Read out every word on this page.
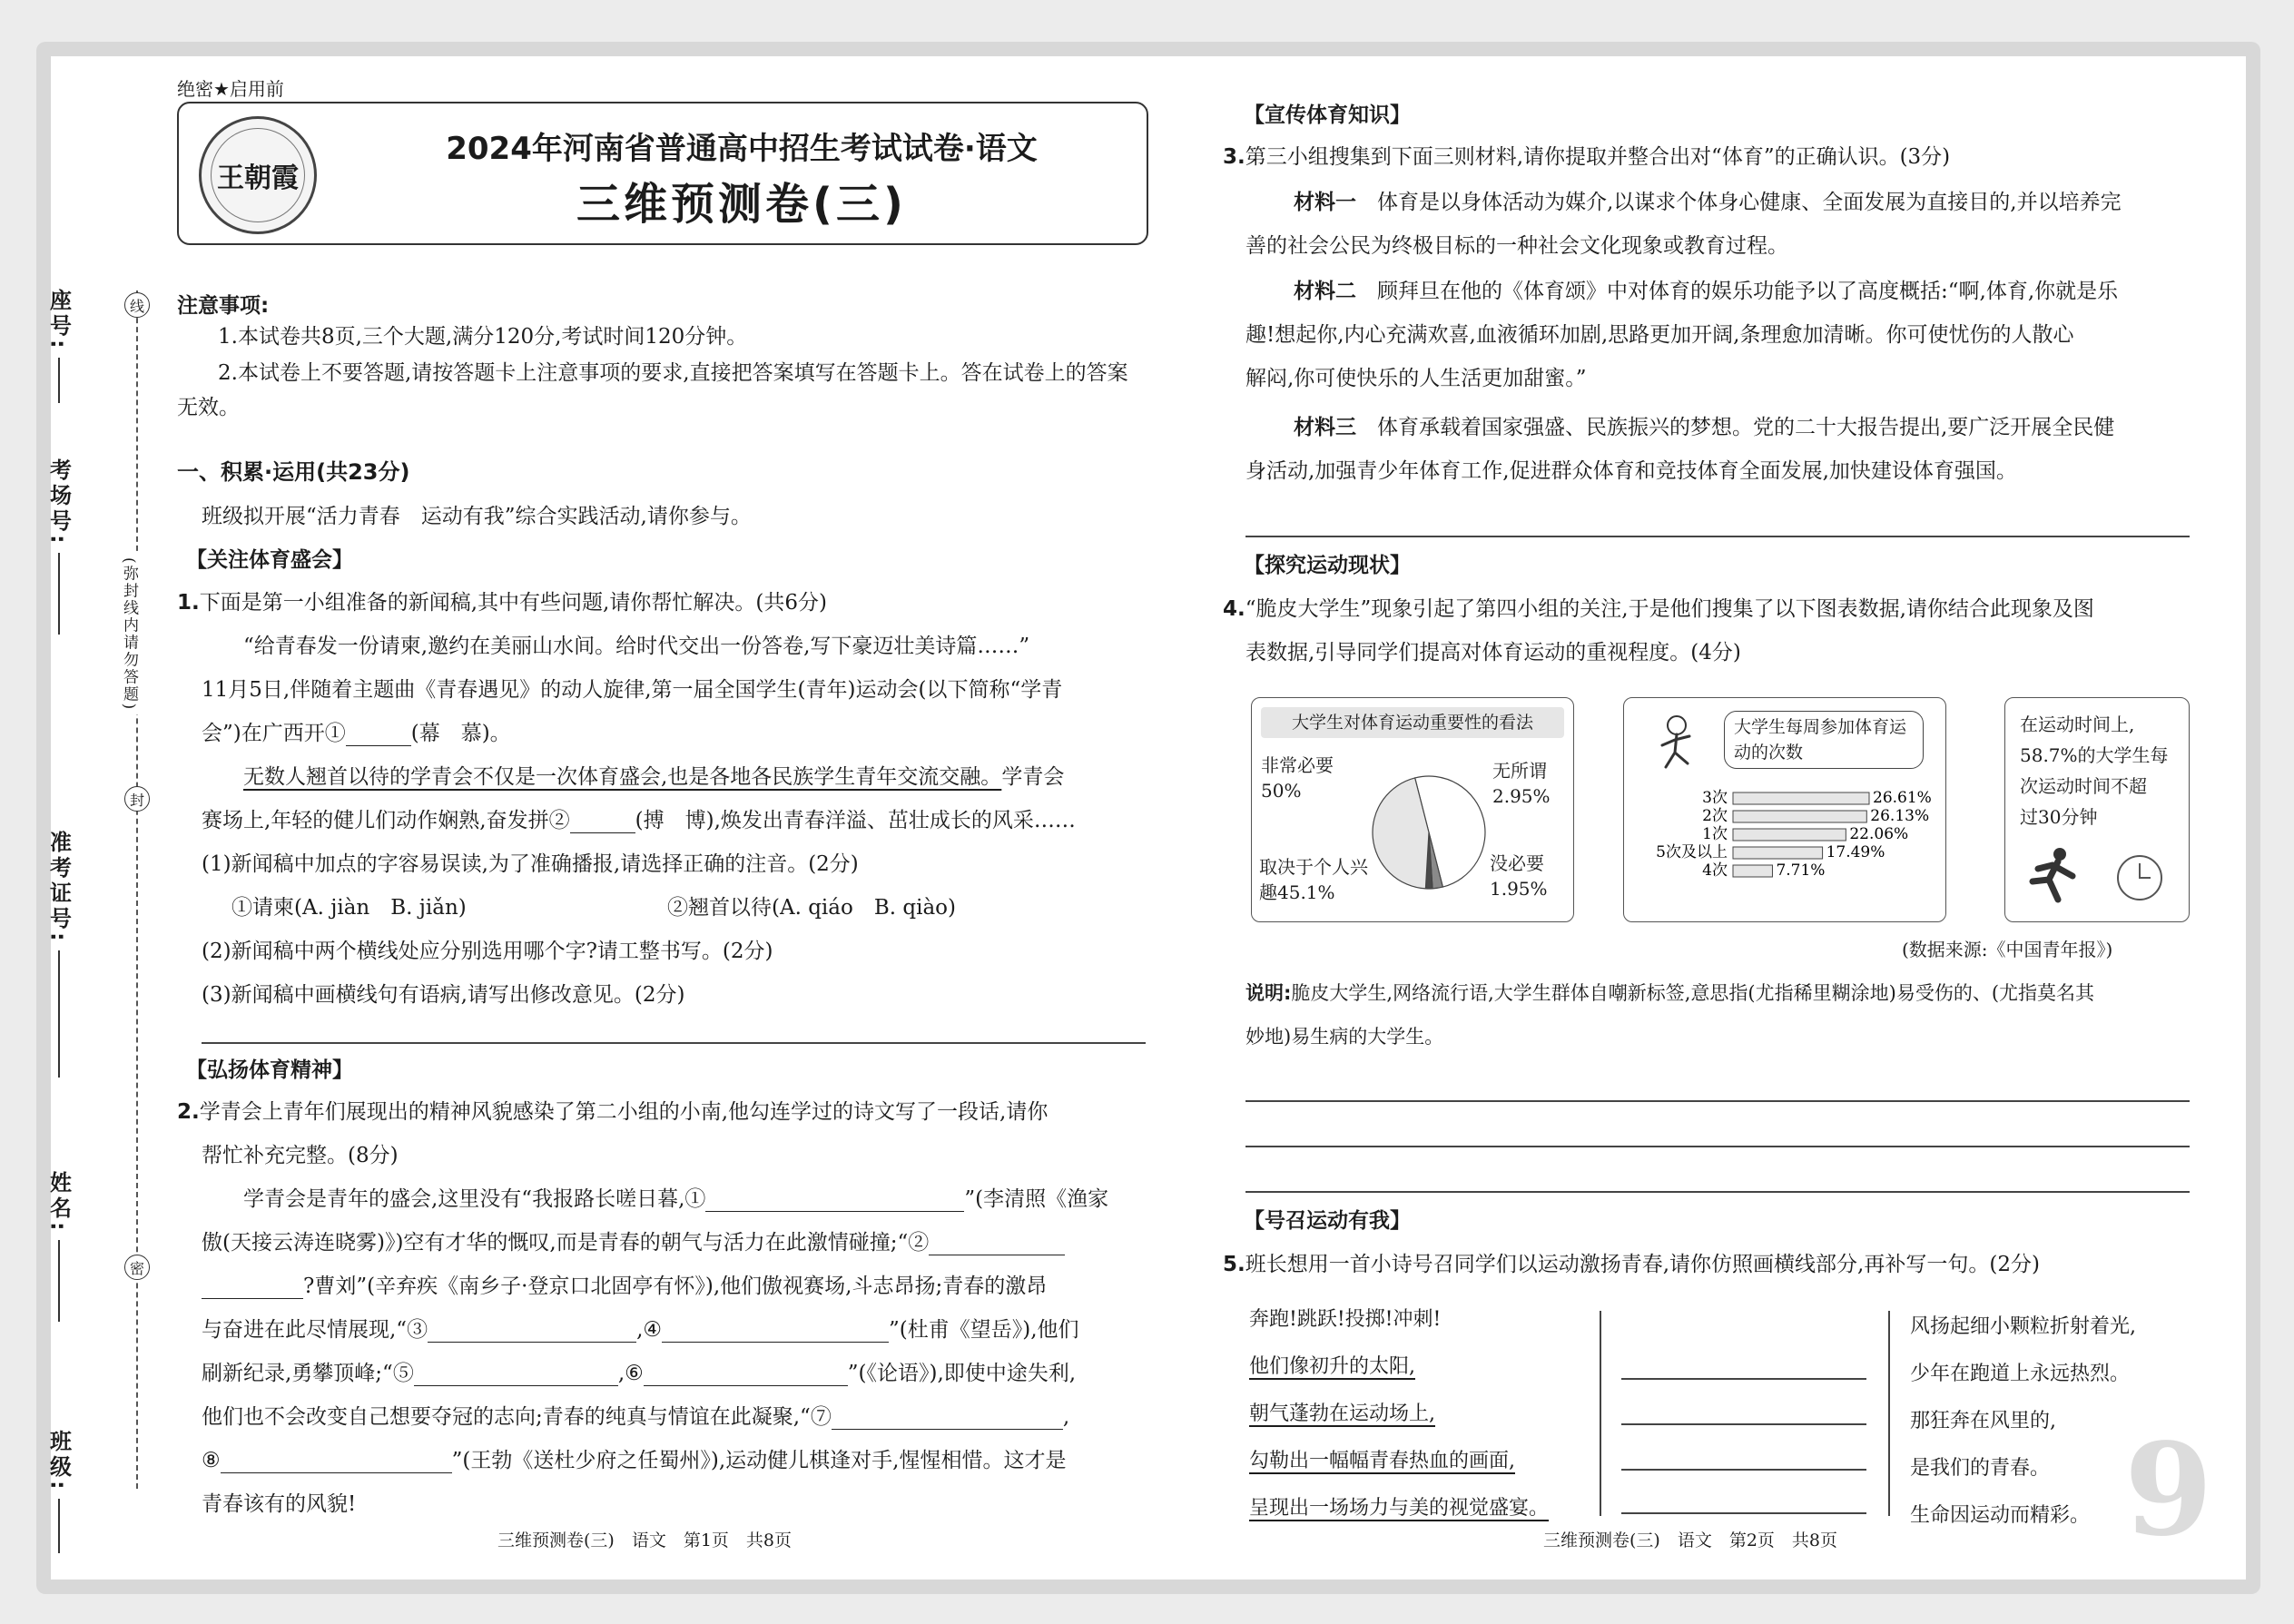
座号:
考场号:
准考证号:
姓名:
班级:
线
封
密
(弥封线内请勿答题)
绝密★启用前
王朝霞
2024年河南省普通高中招生考试试卷·语文
三维预测卷(三)
注意事项:
1.本试卷共8页,三个大题,满分120分,考试时间120分钟。
2.本试卷上不要答题,请按答题卡上注意事项的要求,直接把答案填写在答题卡上。答在试卷上的答案
无效。
一、积累·运用(共23分)
班级拟开展“活力青春　运动有我”综合实践活动,请你参与。
【关注体育盛会】
1.下面是第一小组准备的新闻稿,其中有些问题,请你帮忙解决。(共6分)
“给青春发一份请柬,邀约在美丽山水间。给时代交出一份答卷,写下豪迈壮美诗篇……”
11月5日,伴随着主题曲《青春遇见》的动人旋律,第一届全国学生(青年)运动会(以下简称“学青
会”)在广西开①	(幕　慕)。
无数人翘首以待的学青会不仅是一次体育盛会,也是各地各民族学生青年交流交融。学青会
赛场上,年轻的健儿们动作娴熟,奋发拼②	(搏　博),焕发出青春洋溢、茁壮成长的风采……
(1)新闻稿中加点的字容易误读,为了准确播报,请选择正确的注音。(2分)
①请柬(A. jiàn　B. jiǎn)	②翘首以待(A. qiáo　B. qiào)
(2)新闻稿中两个横线处应分别选用哪个字?请工整书写。(2分)
(3)新闻稿中画横线句有语病,请写出修改意见。(2分)
【弘扬体育精神】
2.学青会上青年们展现出的精神风貌感染了第二小组的小南,他勾连学过的诗文写了一段话,请你
帮忙补充完整。(8分)
学青会是青年的盛会,这里没有“我报路长嗟日暮,①	”(李清照《渔家
傲(天接云涛连晓雾)》)空有才华的慨叹,而是青春的朝气与活力在此激情碰撞;“②
?曹刘”(辛弃疾《南乡子·登京口北固亭有怀》),他们傲视赛场,斗志昂扬;青春的激昂
与奋进在此尽情展现,“③	,④	”(杜甫《望岳》),他们
刷新纪录,勇攀顶峰;“⑤	,⑥	”(《论语》),即使中途失利,
他们也不会改变自己想要夺冠的志向;青春的纯真与情谊在此凝聚,“⑦	,
⑧	”(王勃《送杜少府之任蜀州》),运动健儿棋逢对手,惺惺相惜。这才是
青春该有的风貌!
三维预测卷(三)　语文　第1页　共8页
【宣传体育知识】
3.第三小组搜集到下面三则材料,请你提取并整合出对“体育”的正确认识。(3分)
材料一　 体育是以身体活动为媒介,以谋求个体身心健康、全面发展为直接目的,并以培养完
善的社会公民为终极目标的一种社会文化现象或教育过程。
材料二　 顾拜旦在他的《体育颂》中对体育的娱乐功能予以了高度概括:“啊,体育,你就是乐
趣!想起你,内心充满欢喜,血液循环加剧,思路更加开阔,条理愈加清晰。你可使忧伤的人散心
解闷,你可使快乐的人生活更加甜蜜。”
材料三　 体育承载着国家强盛、民族振兴的梦想。党的二十大报告提出,要广泛开展全民健
身活动,加强青少年体育工作,促进群众体育和竞技体育全面发展,加快建设体育强国。
【探究运动现状】
4.“脆皮大学生”现象引起了第四小组的关注,于是他们搜集了以下图表数据,请你结合此现象及图
表数据,引导同学们提高对体育运动的重视程度。(4分)
大学生对体育运动重要性的看法
非常必要
50%
无所谓
2.95%
取决于个人兴趣45.1%
没必要
1.95%
大学生每周参加体育运动的次数
3次	26.61%
2次	26.13%
1次	22.06%
5次及以上	17.49%
4次	7.71%
在运动时间上,
58.7%的大学生每
次运动时间不超
过30分钟
(数据来源:《中国青年报》)
说明:脆皮大学生,网络流行语,大学生群体自嘲新标签,意思指(尤指稀里糊涂地)易受伤的、(尤指莫名其
妙地)易生病的大学生。
【号召运动有我】
5.班长想用一首小诗号召同学们以运动激扬青春,请你仿照画横线部分,再补写一句。(2分)
奔跑!跳跃!投掷!冲刺!
他们像初升的太阳,
朝气蓬勃在运动场上,
勾勒出一幅幅青春热血的画面,
呈现出一场场力与美的视觉盛宴。
风扬起细小颗粒折射着光,
少年在跑道上永远热烈。
那狂奔在风里的,
是我们的青春。
生命因运动而精彩。 9
三维预测卷(三)　语文　第2页　共8页
